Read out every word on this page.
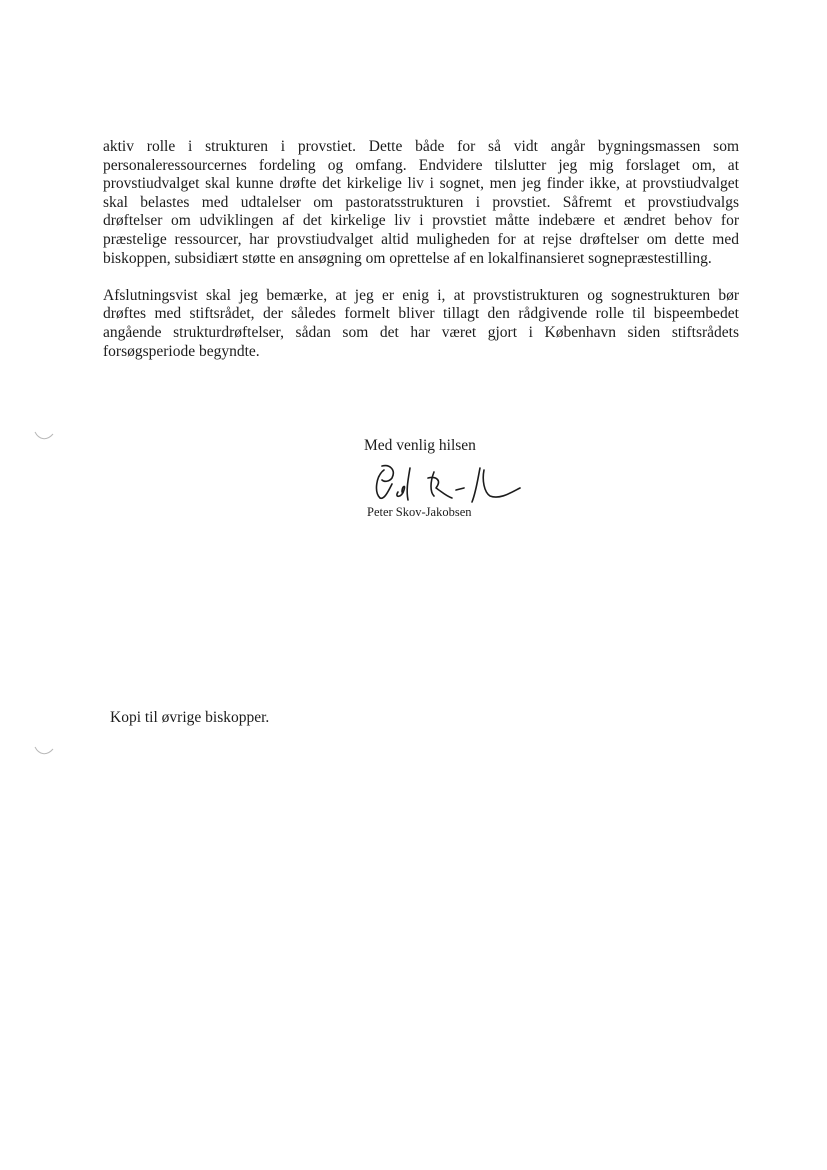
aktiv rolle i strukturen i provstiet. Dette både for så vidt angår bygningsmassen som
personaleressourcernes fordeling og omfang. Endvidere tilslutter jeg mig forslaget om, at
provstiudvalget skal kunne drøfte det kirkelige liv i sognet, men jeg finder ikke, at provstiudvalget
skal belastes med udtalelser om pastoratsstrukturen i provstiet. Såfremt et provstiudvalgs
drøftelser om udviklingen af det kirkelige liv i provstiet måtte indebære et ændret behov for
præstelige ressourcer, har provstiudvalget altid muligheden for at rejse drøftelser om dette med
biskoppen, subsidiært støtte en ansøgning om oprettelse af en lokalfinansieret sognepræstestilling.

Afslutningsvist skal jeg bemærke, at jeg er enig i, at provstistrukturen og sognestrukturen bør
drøftes med stiftsrådet, der således formelt bliver tillagt den rådgivende rolle til bispeembedet
angående strukturdrøftelser, sådan som det har været gjort i København siden stiftsrådets
forsøgsperiode begyndte.

Med venlig hilsen
Peter Skov-Jakobsen
Kopi til øvrige biskopper.
